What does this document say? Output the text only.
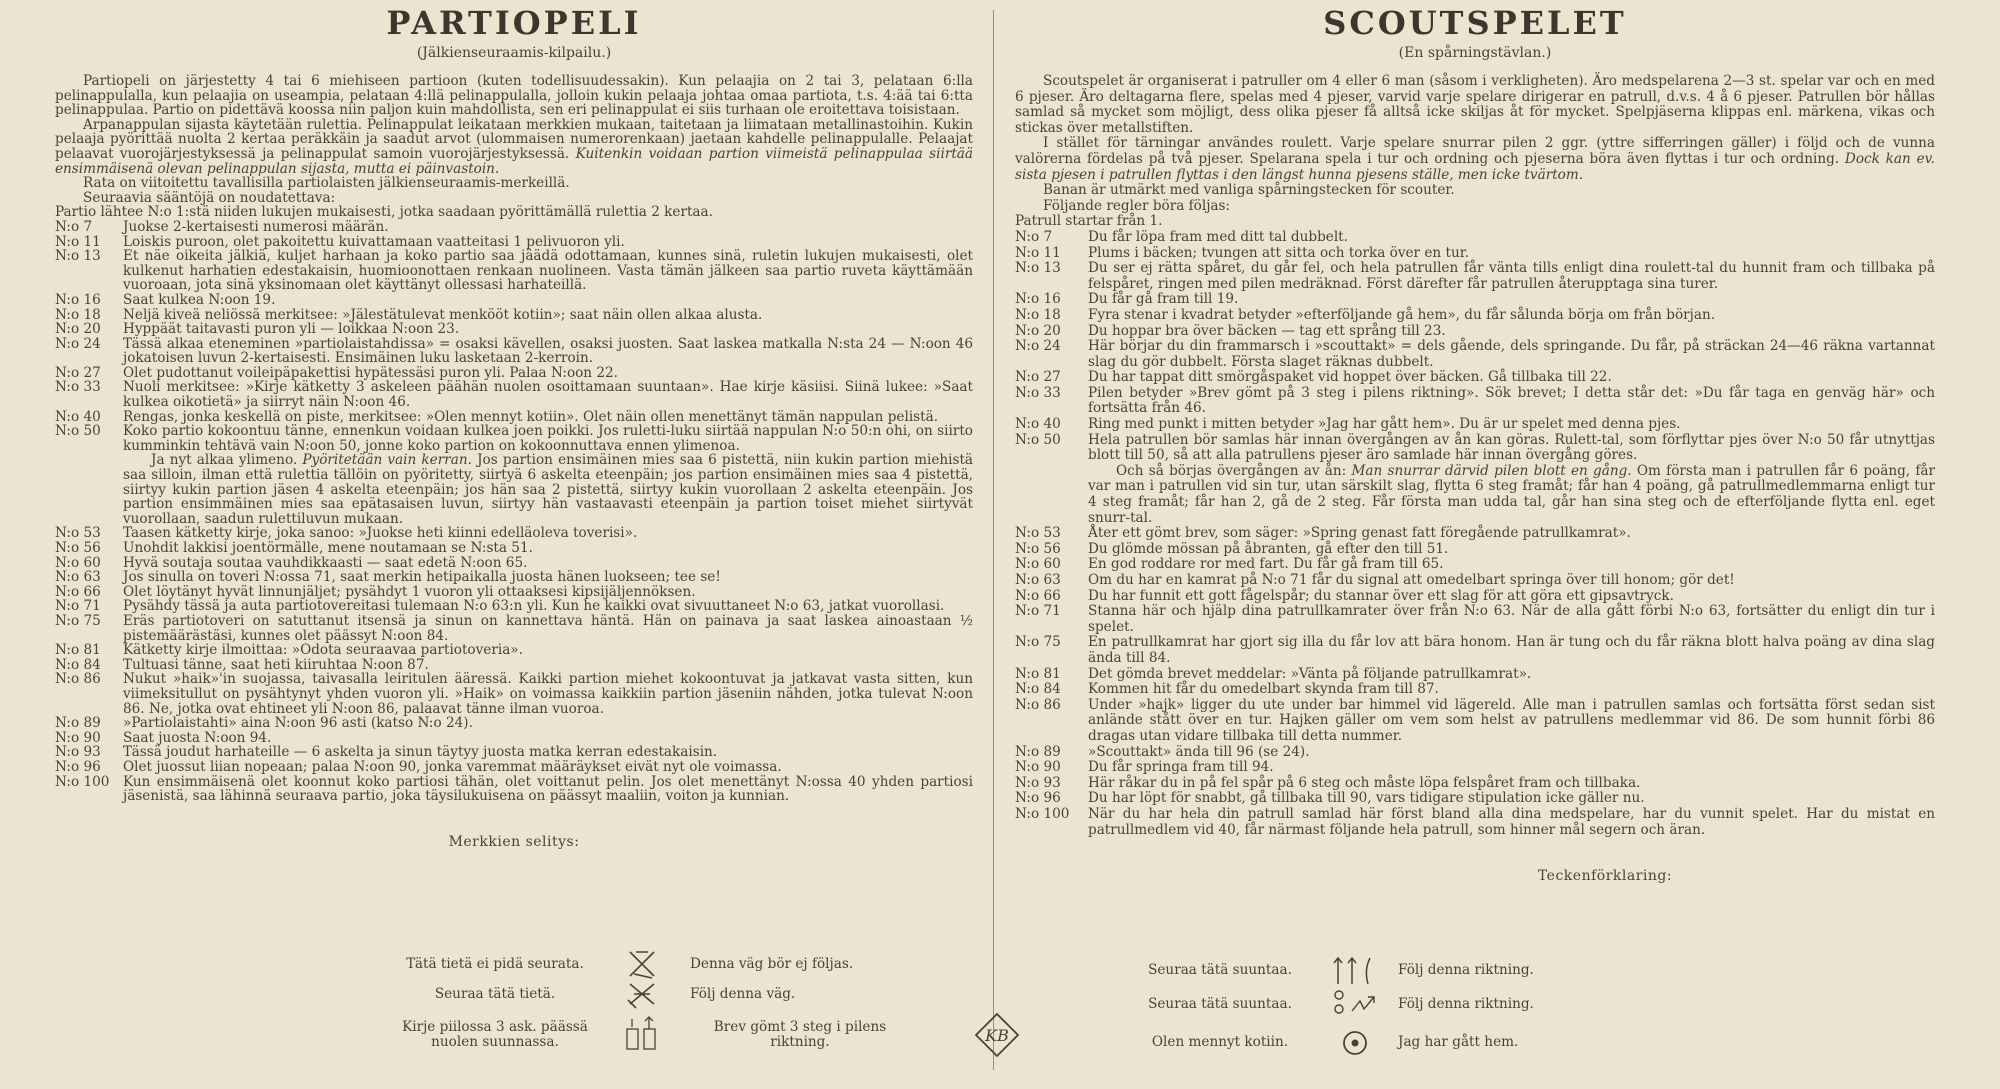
PARTIOPELI
(Jälkienseuraamis-kilpailu.)

Partiopeli on järjestetty 4 tai 6 miehiseen partioon (kuten todellisuudessakin). Kun pelaajia on 2 tai 3, pelataan 6:lla pelinappulalla, kun pelaajia on useampia, pelataan 4:llä pelinappulalla, jolloin kukin pelaaja johtaa omaa partiota, t.s. 4:ää tai 6:tta pelinappulaa. Partio on pidettävä koossa niin paljon kuin mahdollista, sen eri pelinappulat ei siis turhaan ole eroitettava toisistaan.

Arpanappulan sijasta käytetään rulettia. Pelinappulat leikataan merkkien mukaan, taitetaan ja liimataan metallinastoihin. Kukin pelaaja pyörittää nuolta 2 kertaa peräkkäin ja saadut arvot (ulommaisen numerorenkaan) jaetaan kahdelle pelinappulalle. Pelaajat pelaavat vuorojärjestyksessä ja pelinappulat samoin vuorojärjestyksessä. Kuitenkin voidaan partion viimeistä pelinappulaa siirtää ensimmäisenä olevan pelinappulan sijasta, mutta ei päinvastoin.

Rata on viitoitettu tavallisilla partiolaisten jälkienseuraamis-merkeillä.

Seuraavia sääntöjä on noudatettava:

Partio lähtee N:o 1:stä niiden lukujen mukaisesti, jotka saadaan pyörittämällä rulettia 2 kertaa.

N:o 7	Juokse 2-kertaisesti numerosi määrän.
N:o 11	Loiskis puroon, olet pakoitettu kuivattamaan vaatteitasi 1 pelivuoron yli.
N:o 13	Et näe oikeita jälkiä, kuljet harhaan ja koko partio saa jäädä odottamaan, kunnes sinä, ruletin lukujen mukaisesti, olet kulkenut harhatien edestakaisin, huomioonottaen renkaan nuolineen. Vasta tämän jälkeen saa partio ruveta käyttämään vuoroaan, jota sinä yksinomaan olet käyttänyt ollessasi harhateillä.
N:o 16	Saat kulkea N:oon 19.
N:o 18	Neljä kiveä neliössä merkitsee: »Jälestätulevat menkööt kotiin»; saat näin ollen alkaa alusta.
N:o 20	Hyppäät taitavasti puron yli — loikkaa N:oon 23.
N:o 24	Tässä alkaa eteneminen »partiolaistahdissa» = osaksi kävellen, osaksi juosten. Saat laskea matkalla N:sta 24 — N:oon 46 jokatoisen luvun 2-kertaisesti. Ensimäinen luku lasketaan 2-kerroin.
N:o 27	Olet pudottanut voileipäpakettisi hypätessäsi puron yli. Palaa N:oon 22.
N:o 33	Nuoli merkitsee: »Kirje kätketty 3 askeleen päähän nuolen osoittamaan suuntaan». Hae kirje käsiisi. Siinä lukee: »Saat kulkea oikotietä» ja siirryt näin N:oon 46.
N:o 40	Rengas, jonka keskellä on piste, merkitsee: »Olen mennyt kotiin». Olet näin ollen menettänyt tämän nappulan pelistä.
N:o 50	Koko partio kokoontuu tänne, ennenkun voidaan kulkea joen poikki. Jos ruletti-luku siirtää nappulan N:o 50:n ohi, on siirto kumminkin tehtävä vain N:oon 50, jonne koko partion on kokoonnuttava ennen ylimenoa.
Ja nyt alkaa ylimeno. Pyöritetään vain kerran. Jos partion ensimäinen mies saa 6 pistettä, niin kukin partion miehistä saa silloin, ilman että rulettia tällöin on pyöritetty, siirtyä 6 askelta eteenpäin; jos partion ensimäinen mies saa 4 pistettä, siirtyy kukin partion jäsen 4 askelta eteenpäin; jos hän saa 2 pistettä, siirtyy kukin vuorollaan 2 askelta eteenpäin. Jos partion ensimmäinen mies saa epätasaisen luvun, siirtyy hän vastaavasti eteenpäin ja partion toiset miehet siirtyvät vuorollaan, saadun rulettiluvun mukaan.
N:o 53	Taasen kätketty kirje, joka sanoo: »Juokse heti kiinni edelläoleva toverisi».
N:o 56	Unohdit lakkisi joentörmälle, mene noutamaan se N:sta 51.
N:o 60	Hyvä soutaja soutaa vauhdikkaasti — saat edetä N:oon 65.
N:o 63	Jos sinulla on toveri N:ossa 71, saat merkin hetipaikalla juosta hänen luokseen; tee se!
N:o 66	Olet löytänyt hyvät linnunjäljet; pysähdyt 1 vuoron yli ottaaksesi kipsijäljennöksen.
N:o 71	Pysähdy tässä ja auta partiotovereitasi tulemaan N:o 63:n yli. Kun he kaikki ovat sivuuttaneet N:o 63, jatkat vuorollasi.
N:o 75	Eräs partiotoveri on satuttanut itsensä ja sinun on kannettava häntä. Hän on painava ja saat laskea ainoastaan ½ pistemäärästäsi, kunnes olet päässyt N:oon 84.
N:o 81	Kätketty kirje ilmoittaa: »Odota seuraavaa partiotoveria».
N:o 84	Tultuasi tänne, saat heti kiiruhtaa N:oon 87.
N:o 86	Nukut »haik»'in suojassa, taivasalla leiritulen ääressä. Kaikki partion miehet kokoontuvat ja jatkavat vasta sitten, kun viimeksitullut on pysähtynyt yhden vuoron yli. »Haik» on voimassa kaikkiin partion jäseniin nähden, jotka tulevat N:oon 86. Ne, jotka ovat ehtineet yli N:oon 86, palaavat tänne ilman vuoroa.
N:o 89	»Partiolaistahti» aina N:oon 96 asti (katso N:o 24).
N:o 90	Saat juosta N:oon 94.
N:o 93	Tässä joudut harhateille — 6 askelta ja sinun täytyy juosta matka kerran edestakaisin.
N:o 96	Olet juossut liian nopeaan; palaa N:oon 90, jonka varemmat määräykset eivät nyt ole voimassa.
N:o 100 Kun ensimmäisenä olet koonnut koko partiosi tähän, olet voittanut pelin. Jos olet menettänyt N:ossa 40 yhden partiosi jäsenistä, saa lähinnä seuraava partio, joka täysilukuisena on päässyt maaliin, voiton ja kunnian.
Merkkien selitys:
SCOUTSPELET
(En spårningstävlan.)

Scoutspelet är organiserat i patruller om 4 eller 6 man (såsom i verkligheten). Äro medspelarena 2—3 st. spelar var och en med 6 pjeser. Äro deltagarna flere, spelas med 4 pjeser, varvid varje spelare dirigerar en patrull, d.v.s. 4 å 6 pjeser. Patrullen bör hållas samlad så mycket som möjligt, dess olika pjeser få alltså icke skiljas åt för mycket. Spelpjäserna klippas enl. märkena, vikas och stickas över metallstiften.

I stället för tärningar användes roulett. Varje spelare snurrar pilen 2 ggr. (yttre sifferringen gäller) i följd och de vunna valörerna fördelas på två pjeser. Spelarana spela i tur och ordning och pjeserna böra även flyttas i tur och ordning. Dock kan ev. sista pjesen i patrullen flyttas i den längst hunna pjesens ställe, men icke tvärtom.

Banan är utmärkt med vanliga spårningstecken för scouter.

Följande regler böra följas:

Patrull startar från 1.

N:o 7	Du får löpa fram med ditt tal dubbelt.
N:o 11	Plums i bäcken; tvungen att sitta och torka över en tur.
N:o 13	Du ser ej rätta spåret, du går fel, och hela patrullen får vänta tills enligt dina roulett-tal du hunnit fram och tillbaka på felspåret, ringen med pilen medräknad. Först därefter får patrullen återupptaga sina turer.
N:o 16	Du får gå fram till 19.
N:o 18	Fyra stenar i kvadrat betyder »efterföljande gå hem», du får sålunda börja om från början.
N:o 20	Du hoppar bra över bäcken — tag ett språng till 23.
N:o 24	Här börjar du din frammarsch i »scouttakt» = dels gående, dels springande. Du får, på sträckan 24—46 räkna vartannat slag du gör dubbelt. Första slaget räknas dubbelt.
N:o 27	Du har tappat ditt smörgåspaket vid hoppet över bäcken. Gå tillbaka till 22.
N:o 33	Pilen betyder »Brev gömt på 3 steg i pilens riktning». Sök brevet; I detta står det: »Du får taga en genväg här» och fortsätta från 46.
N:o 40	Ring med punkt i mitten betyder »Jag har gått hem». Du är ur spelet med denna pjes.
N:o 50	Hela patrullen bör samlas här innan övergången av ån kan göras. Rulett-tal, som förflyttar pjes över N:o 50 får utnyttjas blott till 50, så att alla patrullens pjeser äro samlade här innan övergång göres.
Och så börjas övergången av ån: Man snurrar därvid pilen blott en gång. Om första man i patrullen får 6 poäng, får var man i patrullen vid sin tur, utan särskilt slag, flytta 6 steg framåt; får han 4 poäng, gå patrullmedlemmarna enligt tur 4 steg framåt; får han 2, gå de 2 steg. Får första man udda tal, går han sina steg och de efterföljande flytta enl. eget snurr-tal.
N:o 53	Åter ett gömt brev, som säger: »Spring genast fatt föregående patrullkamrat».
N:o 56	Du glömde mössan på åbranten, gå efter den till 51.
N:o 60	En god roddare ror med fart. Du får gå fram till 65.
N:o 63	Om du har en kamrat på N:o 71 får du signal att omedelbart springa över till honom; gör det!
N:o 66	Du har funnit ett gott fågelspår; du stannar över ett slag för att göra ett gipsavtryck.
N:o 71	Stanna här och hjälp dina patrullkamrater över från N:o 63. När de alla gått förbi N:o 63, fortsätter du enligt din tur i spelet.
N:o 75	En patrullkamrat har gjort sig illa du får lov att bära honom. Han är tung och du får räkna blott halva poäng av dina slag ända till 84.
N:o 81	Det gömda brevet meddelar: »Vänta på följande patrullkamrat».
N:o 84	Kommen hit får du omedelbart skynda fram till 87.
N:o 86	Under »hajk» ligger du ute under bar himmel vid lägereld. Alle man i patrullen samlas och fortsätta först sedan sist anlände stått över en tur. Hajken gäller om vem som helst av patrullens medlemmar vid 86. De som hunnit förbi 86 dragas utan vidare tillbaka till detta nummer.
N:o 89	»Scouttakt» ända till 96 (se 24).
N:o 90	Du får springa fram till 94.
N:o 93	Här råkar du in på fel spår på 6 steg och måste löpa felspåret fram och tillbaka.
N:o 96	Du har löpt för snabbt, gå tillbaka till 90, vars tidigare stipulation icke gäller nu.
N:o 100	När du har hela din patrull samlad här först bland alla dina medspelare, har du vunnit spelet. Har du mistat en patrullmedlem vid 40, får närmast följande hela patrull, som hinner mål segern och äran.
Teckenförklaring:
Tätä tietä ei pidä seurata.	Denna väg bör ej följas.
Seuraa tätä tietä.	Följ denna väg.
Kirje piilossa 3 ask. päässä nuolen suunnassa.
Brev gömt 3 steg i pilens riktning.
Seuraa tätä suuntaa.	Följ denna riktning.
Seuraa tätä suuntaa.	Följ denna riktning.
Olen mennyt kotiin.	Jag har gått hem.
KB
